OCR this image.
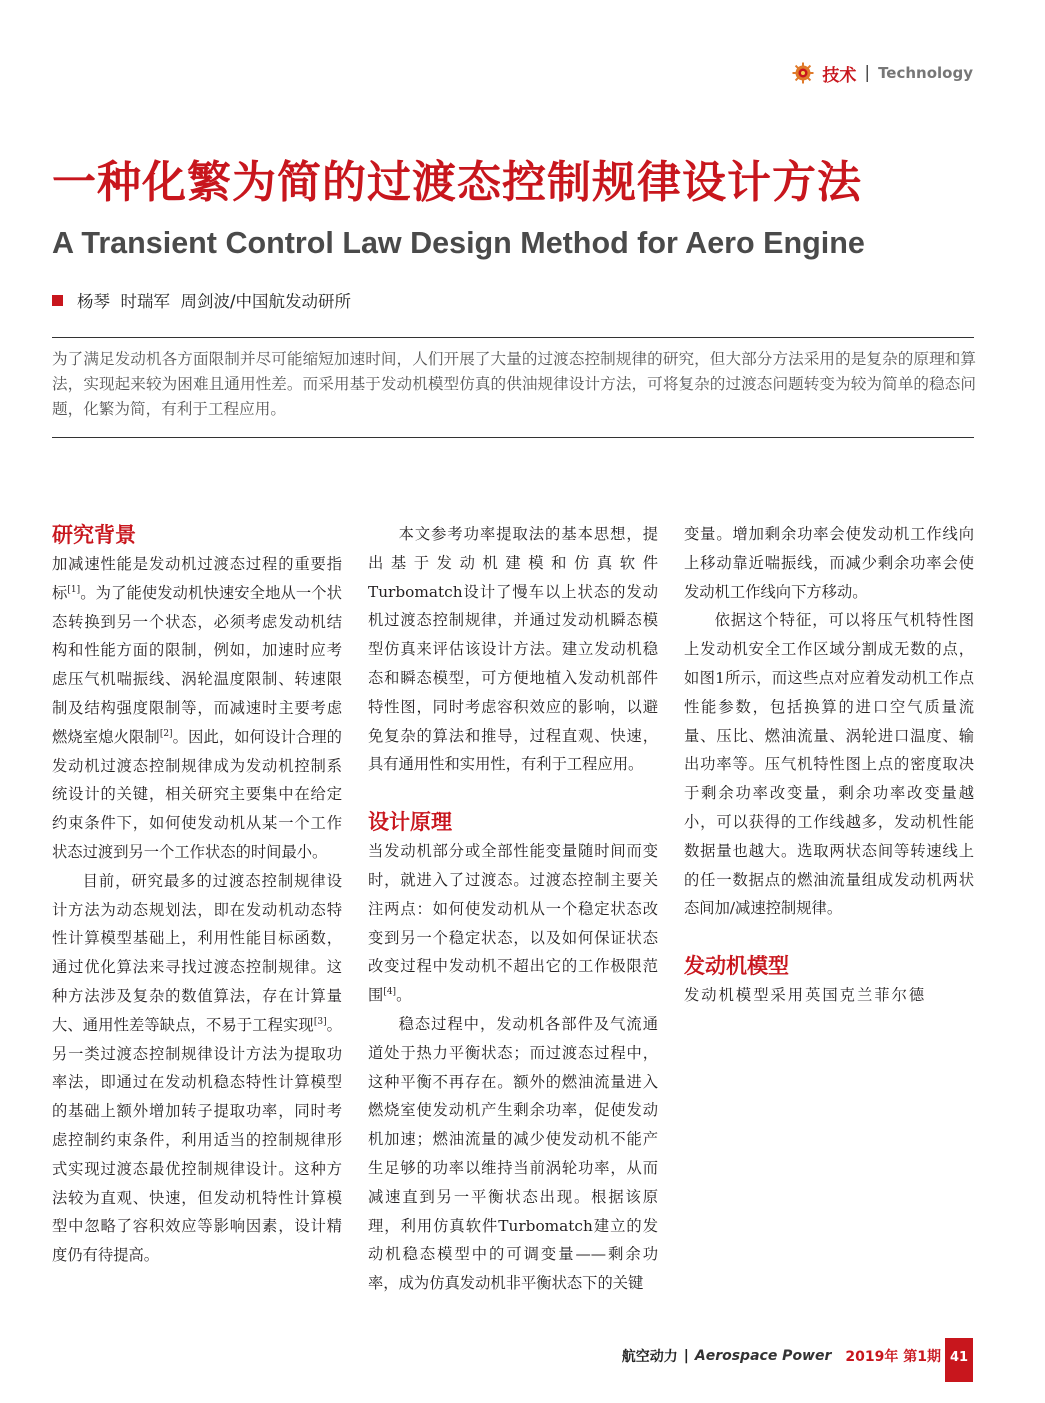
技术 | Technology
一种化繁为简的过渡态控制规律设计方法
A Transient Control Law Design Method for Aero Engine
杨琴  时瑞军  周剑波/中国航发动研所

为了满足发动机各方面限制并尽可能缩短加速时间，人们开展了大量的过渡态控制规律的研究，但大部分方法采用的是复杂的原理和算法，实现起来较为困难且通用性差。而采用基于发动机模型仿真的供油规律设计方法，可将复杂的过渡态问题转变为较为简单的稳态问题，化繁为简，有利于工程应用。

研究背景

加减速性能是发动机过渡态过程的重要指标[1]。为了能使发动机快速安全地从一个状态转换到另一个状态，必须考虑发动机结构和性能方面的限制，例如，加速时应考虑压气机喘振线、涡轮温度限制、转速限制及结构强度限制等，而减速时主要考虑燃烧室熄火限制[2]。因此，如何设计合理的发动机过渡态控制规律成为发动机控制系统设计的关键，相关研究主要集中在给定约束条件下，如何使发动机从某一个工作状态过渡到另一个工作状态的时间最小。

目前，研究最多的过渡态控制规律设计方法为动态规划法，即在发动机动态特性计算模型基础上，利用性能目标函数，通过优化算法来寻找过渡态控制规律。这种方法涉及复杂的数值算法，存在计算量大、通用性差等缺点，不易于工程实现[3]。另一类过渡态控制规律设计方法为提取功率法，即通过在发动机稳态特性计算模型的基础上额外增加转子提取功率，同时考虑控制约束条件，利用适当的控制规律形式实现过渡态最优控制规律设计。这种方法较为直观、快速，但发动机特性计算模型中忽略了容积效应等影响因素，设计精度仍有待提高。

本文参考功率提取法的基本思想，提出基于发动机建模和仿真软件Turbomatch设计了慢车以上状态的发动机过渡态控制规律，并通过发动机瞬态模型仿真来评估该设计方法。建立发动机稳态和瞬态模型，可方便地植入发动机部件特性图，同时考虑容积效应的影响，以避免复杂的算法和推导，过程直观、快速，具有通用性和实用性，有利于工程应用。

设计原理

当发动机部分或全部性能变量随时间而变时，就进入了过渡态。过渡态控制主要关注两点：如何使发动机从一个稳定状态改变到另一个稳定状态，以及如何保证状态改变过程中发动机不超出它的工作极限范围[4]。

稳态过程中，发动机各部件及气流通道处于热力平衡状态；而过渡态过程中，这种平衡不再存在。额外的燃油流量进入燃烧室使发动机产生剩余功率，促使发动机加速；燃油流量的减少使发动机不能产生足够的功率以维持当前涡轮功率，从而减速直到另一平衡状态出现。根据该原理，利用仿真软件Turbomatch建立的发动机稳态模型中的可调变量——剩余功率，成为仿真发动机非平衡状态下的关键

变量。增加剩余功率会使发动机工作线向上移动靠近喘振线，而减少剩余功率会使发动机工作线向下方移动。

依据这个特征，可以将压气机特性图上发动机安全工作区域分割成无数的点，如图1所示，而这些点对应着发动机工作点性能参数，包括换算的进口空气质量流量、压比、燃油流量、涡轮进口温度、输出功率等。压气机特性图上点的密度取决于剩余功率改变量，剩余功率改变量越小，可以获得的工作线越多，发动机性能数据量也越大。选取两状态间等转速线上的任一数据点的燃油流量组成发动机两状态间加/减速控制规律。

发动机模型

发动机模型采用英国克兰菲尔德

航空动力 | Aerospace Power 2019年 第1期 41
